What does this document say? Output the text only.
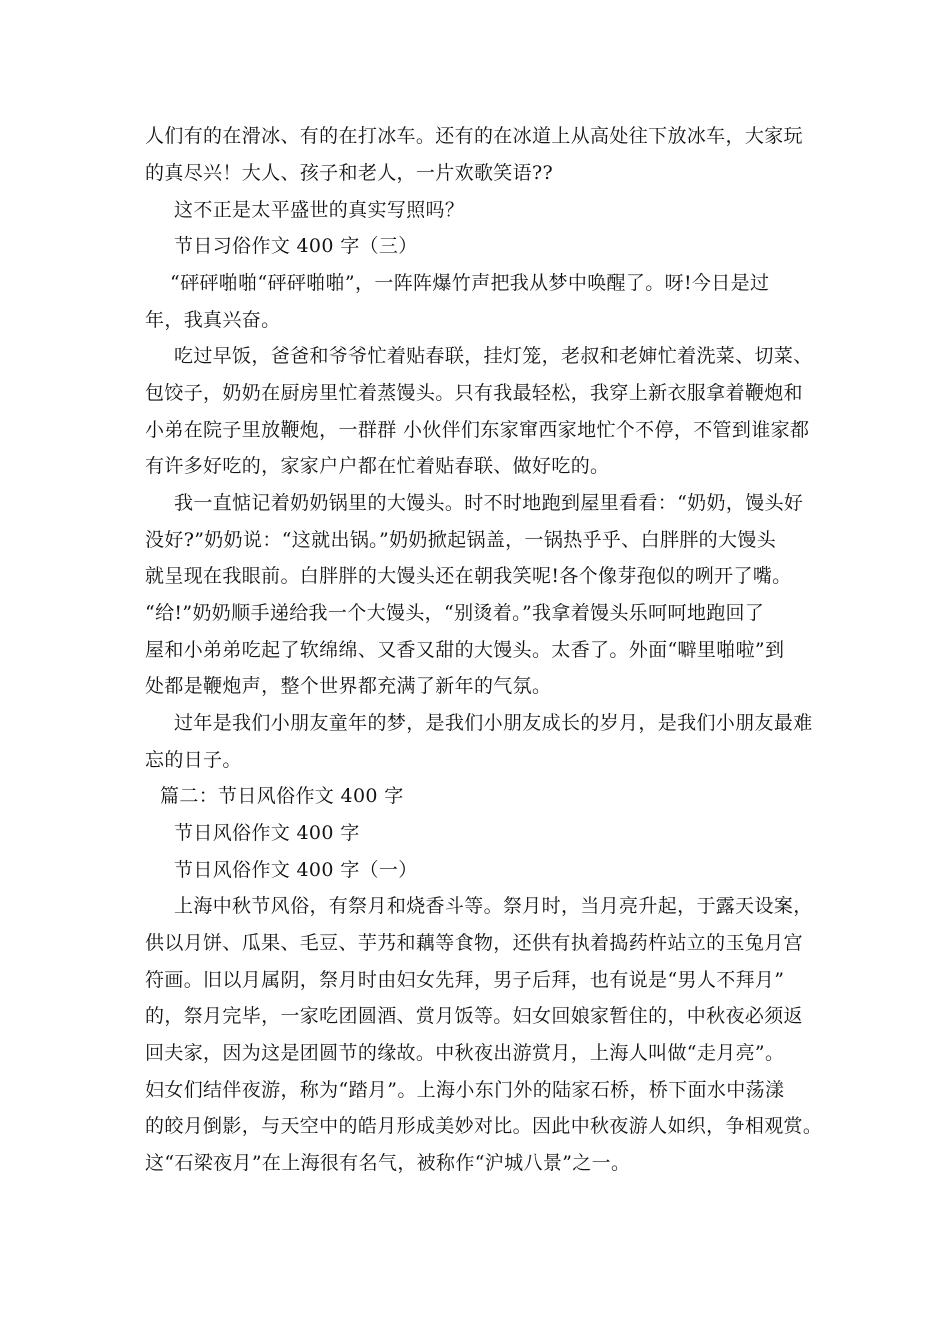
人们有的在滑冰、有的在打冰车。还有的在冰道上从高处往下放冰车，大家玩
的真尽兴！大人、孩子和老人，一片欢歌笑语??
这不正是太平盛世的真实写照吗？
节日习俗作文 400 字（三）
“砰砰啪啪“砰砰啪啪”，一阵阵爆竹声把我从梦中唤醒了。呀!今日是过
年，我真兴奋。
吃过早饭，爸爸和爷爷忙着贴春联，挂灯笼，老叔和老婶忙着洗菜、切菜、
包饺子，奶奶在厨房里忙着蒸馒头。只有我最轻松，我穿上新衣服拿着鞭炮和
小弟在院子里放鞭炮，一群群 小伙伴们东家窜西家地忙个不停，不管到谁家都
有许多好吃的，家家户户都在忙着贴春联、做好吃的。
我一直惦记着奶奶锅里的大馒头。时不时地跑到屋里看看：“奶奶，馒头好
没好?”奶奶说：“这就出锅。”奶奶掀起锅盖，一锅热乎乎、白胖胖的大馒头
就呈现在我眼前。白胖胖的大馒头还在朝我笑呢!各个像芽孢似的咧开了嘴。
“给!”奶奶顺手递给我一个大馒头，“别烫着。”我拿着馒头乐呵呵地跑回了
屋和小弟弟吃起了软绵绵、又香又甜的大馒头。太香了。外面“噼里啪啦”到
处都是鞭炮声，整个世界都充满了新年的气氛。
过年是我们小朋友童年的梦，是我们小朋友成长的岁月，是我们小朋友最难
忘的日子。
篇二：节日风俗作文 400 字
节日风俗作文 400 字
节日风俗作文 400 字（一）
上海中秋节风俗，有祭月和烧香斗等。祭月时，当月亮升起，于露天设案，
供以月饼、瓜果、毛豆、芋艿和藕等食物，还供有执着捣药杵站立的玉兔月宫
符画。旧以月属阴，祭月时由妇女先拜，男子后拜，也有说是“男人不拜月”
的，祭月完毕，一家吃团圆酒、赏月饭等。妇女回娘家暂住的，中秋夜必须返
回夫家，因为这是团圆节的缘故。中秋夜出游赏月，上海人叫做“走月亮”。
妇女们结伴夜游，称为“踏月”。上海小东门外的陆家石桥，桥下面水中荡漾
的皎月倒影，与天空中的皓月形成美妙对比。因此中秋夜游人如织，争相观赏。
这“石梁夜月”在上海很有名气，被称作“沪城八景”之一。
